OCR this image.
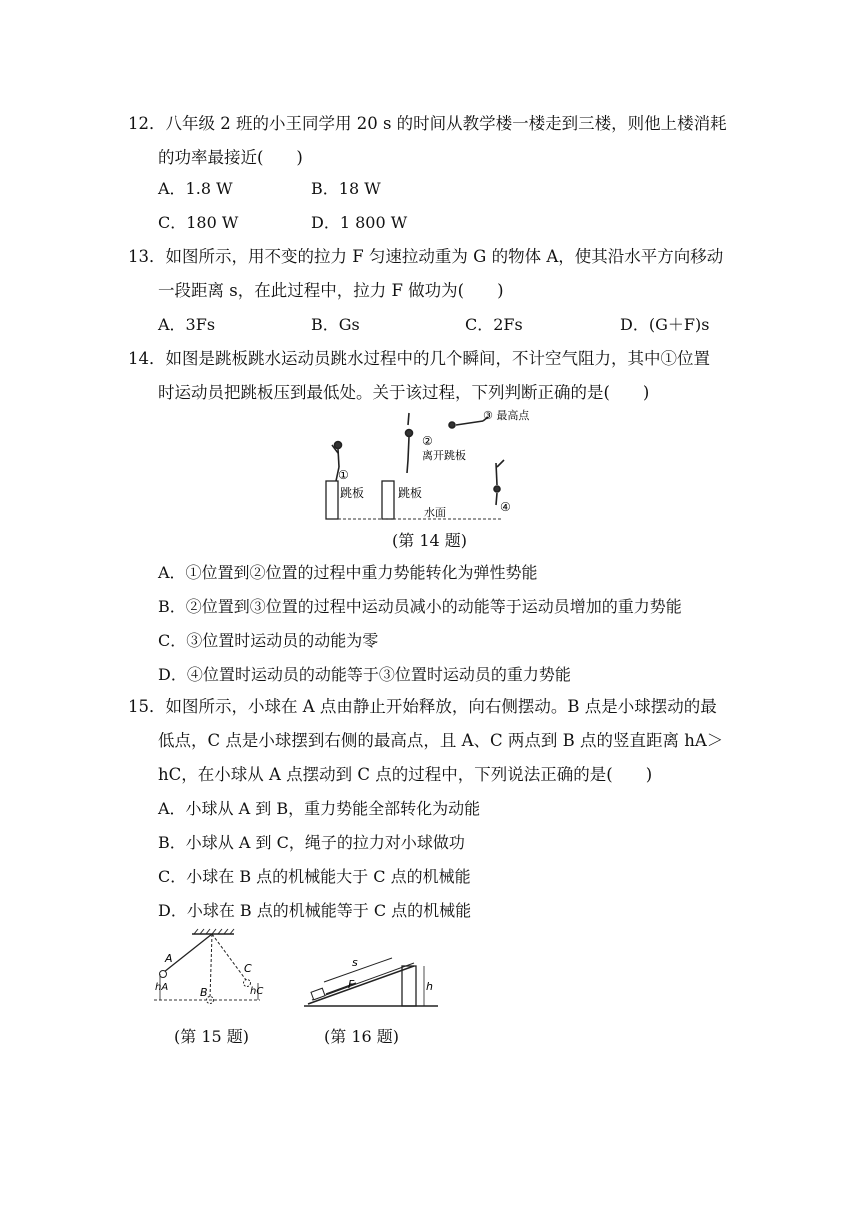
12．八年级 2 班的小王同学用 20 s 的时间从教学楼一楼走到三楼，则他上楼消耗
的功率最接近(　　)
A．1.8 W	B．18 W
C．180 W	D．1 800 W
13．如图所示，用不变的拉力 F 匀速拉动重为 G 的物体 A，使其沿水平方向移动
一段距离 s，在此过程中，拉力 F 做功为(　　)
A．3Fs	B．Gs	C．2Fs	D．(G＋F)s
14．如图是跳板跳水运动员跳水过程中的几个瞬间，不计空气阻力，其中①位置
时运动员把跳板压到最低处。关于该过程，下列判断正确的是(　　)
①
跳板	跳板
②
离开跳板
③ 最高点
④
水面
(第 14 题)
A．①位置到②位置的过程中重力势能转化为弹性势能
B．②位置到③位置的过程中运动员减小的动能等于运动员增加的重力势能
C．③位置时运动员的动能为零
D．④位置时运动员的动能等于③位置时运动员的重力势能
15．如图所示，小球在 A 点由静止开始释放，向右侧摆动。B 点是小球摆动的最
低点，C 点是小球摆到右侧的最高点，且 A、C 两点到 B 点的竖直距离 hA＞
hC，在小球从 A 点摆动到 C 点的过程中，下列说法正确的是(　　)
A．小球从 A 到 B，重力势能全部转化为动能
B．小球从 A 到 C，绳子的拉力对小球做功
C．小球在 B 点的机械能大于 C 点的机械能
D．小球在 B 点的机械能等于 C 点的机械能
A
B
C
hA	hC
(第 15 题)
s
F	h
(第 16 题)
